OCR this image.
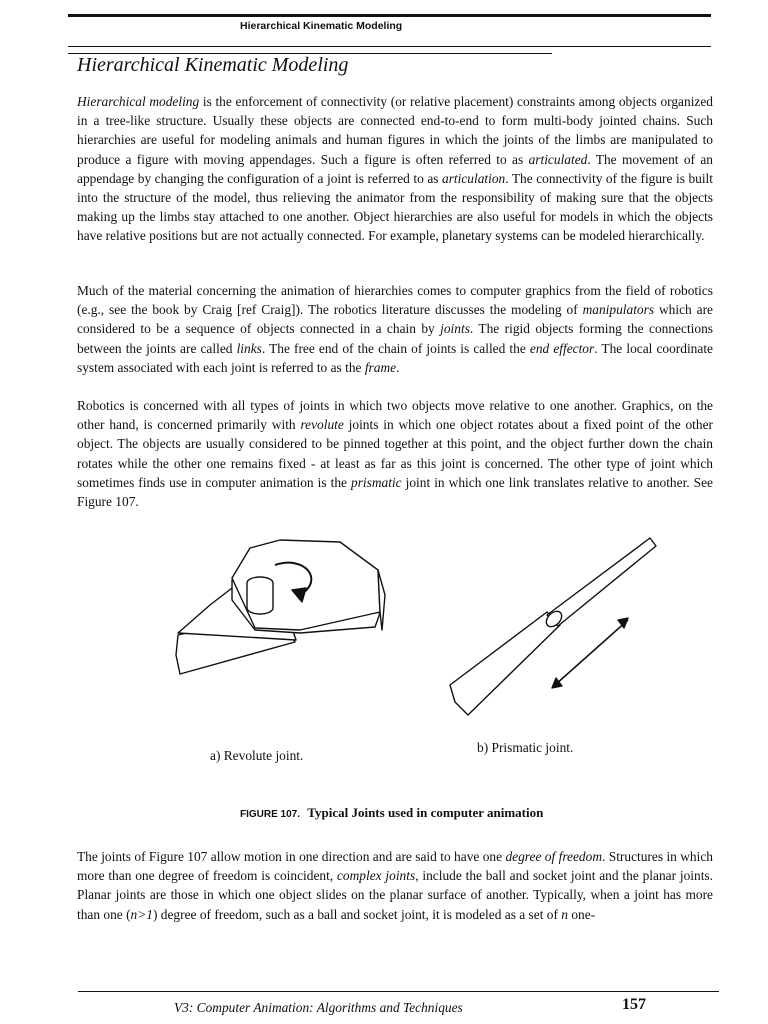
Hierarchical Kinematic Modeling
Hierarchical Kinematic Modeling

Hierarchical modeling is the enforcement of connectivity (or relative placement) constraints among objects organized in a tree-like structure. Usually these objects are connected end-to-end to form multi-body jointed chains. Such hierarchies are useful for modeling animals and human figures in which the joints of the limbs are manipulated to produce a figure with moving appendages. Such a figure is often referred to as articulated. The movement of an appendage by changing the configuration of a joint is referred to as articulation. The connectivity of the figure is built into the structure of the model, thus relieving the animator from the responsibility of making sure that the objects making up the limbs stay attached to one another. Object hierarchies are also useful for models in which the objects have relative positions but are not actually connected. For example, planetary systems can be modeled hierarchically.

Much of the material concerning the animation of hierarchies comes to computer graphics from the field of robotics (e.g., see the book by Craig [ref Craig]). The robotics literature discusses the modeling of manipulators which are considered to be a sequence of objects connected in a chain by joints. The rigid objects forming the connections between the joints are called links. The free end of the chain of joints is called the end effector. The local coordinate system associated with each joint is referred to as the frame.

Robotics is concerned with all types of joints in which two objects move relative to one another. Graphics, on the other hand, is concerned primarily with revolute joints in which one object rotates about a fixed point of the other object. The objects are usually considered to be pinned together at this point, and the object further down the chain rotates while the other one remains fixed - at least as far as this joint is concerned. The other type of joint which sometimes finds use in computer animation is the prismatic joint in which one link translates relative to another. See Figure 107.

a) Revolute joint.
b) Prismatic joint.
FIGURE 107. Typical Joints used in computer animation

The joints of Figure 107 allow motion in one direction and are said to have one degree of freedom. Structures in which more than one degree of freedom is coincident, complex joints, include the ball and socket joint and the planar joints. Planar joints are those in which one object slides on the planar surface of another. Typically, when a joint has more than one (n>1) degree of freedom, such as a ball and socket joint, it is modeled as a set of n one-

V3: Computer Animation: Algorithms and Techniques	157
